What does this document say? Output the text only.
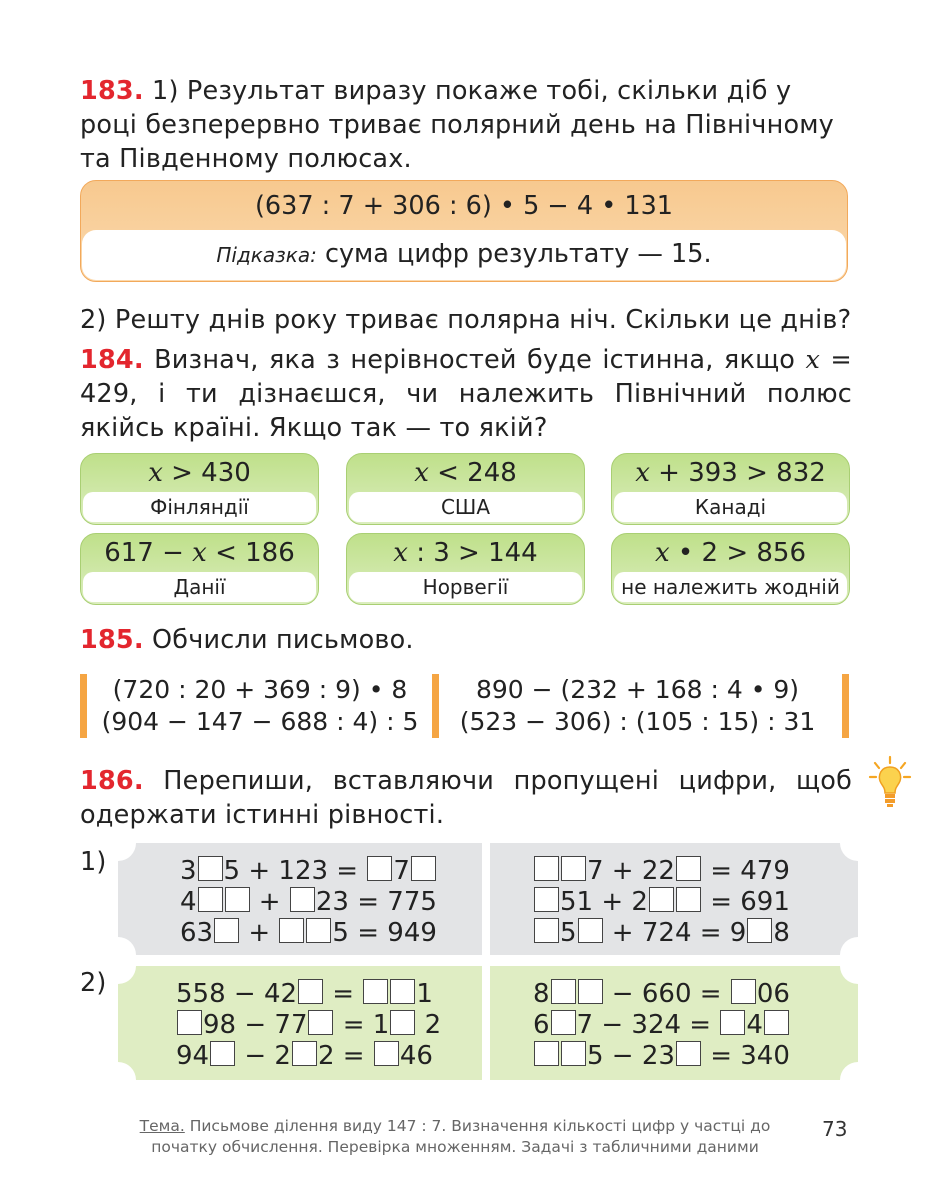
183. 1) Результат виразу покаже тобі, скільки діб у році безперервно триває полярний день на Північному та Південному полюсах.
(637 : 7 + 306 : 6) • 5 − 4 • 131
Підказка: сума цифр результату — 15.
2) Решту днів року триває полярна ніч. Скільки це днів?
184. Визнач, яка з нерівностей буде істинна, якщо x = 429, і ти дізнаєшся, чи належить Північний полюс якійсь країні. Якщо так — то якій?
x > 430
Фінляндії
x < 248
США
x + 393 > 832
Канаді
617 − x < 186
Данії
x : 3 > 144
Норвегії
x • 2 > 856
не належить жодній
185. Обчисли письмово.
(720 : 20 + 369 : 9) • 8
(904 − 147 − 688 : 4) : 5
890 − (232 + 168 : 4 • 9)
(523 − 306) : (105 : 15) : 31
186. Перепиши, вставляючи пропущені цифри, щоб одержати істинні рівності.
1)
2)
3 5 + 123 = 7
4 + 23 = 775
63 + 5 = 949
7 + 22 = 479
51 + 2 = 691
5 + 724 = 9 8
558 − 42 = 1
98 − 77 = 1 2
94 − 2 2 = 46
8 − 660 = 06
6 7 − 324 = 4
5 − 23 = 340
Тема. Письмове ділення виду 147 : 7. Визначення кількості цифр у частці до початку обчислення. Перевірка множенням. Задачі з табличними даними
73
